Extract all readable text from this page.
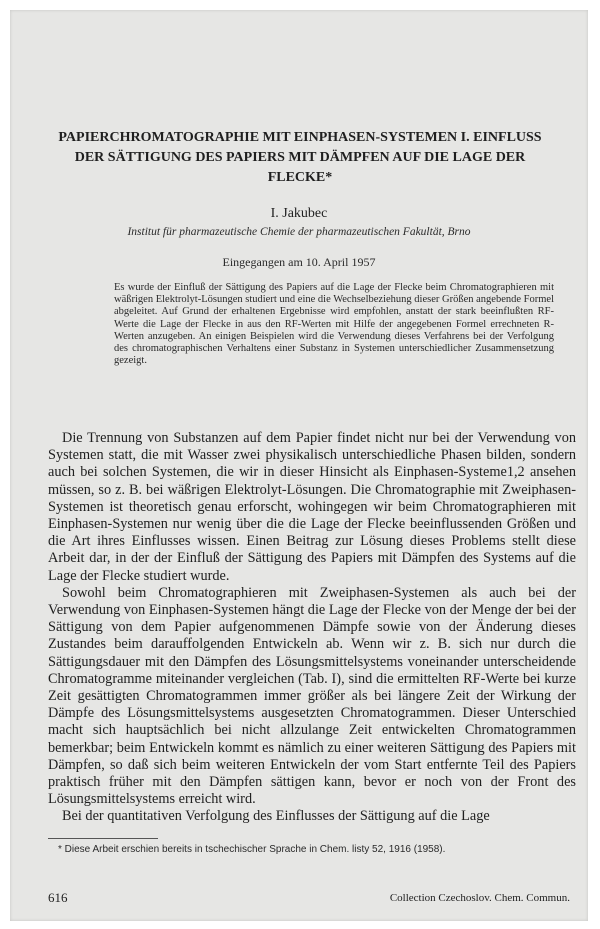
PAPIERCHROMATOGRAPHIE MIT EINPHASEN-SYSTEMEN I. EINFLUSS DER SÄTTIGUNG DES PAPIERS MIT DÄMPFEN AUF DIE LAGE DER FLECKE*
I. Jakubec
Institut für pharmazeutische Chemie der pharmazeutischen Fakultät, Brno
Eingegangen am 10. April 1957
Es wurde der Einfluß der Sättigung des Papiers auf die Lage der Flecke beim Chromatographieren mit wäßrigen Elektrolyt-Lösungen studiert und eine die Wechselbeziehung dieser Größen angebende Formel abgeleitet. Auf Grund der erhaltenen Ergebnisse wird empfohlen, anstatt der stark beeinflußten RF-Werte die Lage der Flecke in aus den RF-Werten mit Hilfe der angegebenen Formel errechneten R-Werten anzugeben. An einigen Beispielen wird die Verwendung dieses Verfahrens bei der Verfolgung des chromatographischen Verhaltens einer Substanz in Systemen unterschiedlicher Zusammensetzung gezeigt.

Die Trennung von Substanzen auf dem Papier findet nicht nur bei der Verwendung von Systemen statt, die mit Wasser zwei physikalisch unterschiedliche Phasen bilden, sondern auch bei solchen Systemen, die wir in dieser Hinsicht als Einphasen-Systeme1,2 ansehen müssen, so z. B. bei wäßrigen Elektrolyt-Lösungen. Die Chromatographie mit Zweiphasen-Systemen ist theoretisch genau erforscht, wohingegen wir beim Chromatographieren mit Einphasen-Systemen nur wenig über die die Lage der Flecke beeinflussenden Größen und die Art ihres Einflusses wissen. Einen Beitrag zur Lösung dieses Problems stellt diese Arbeit dar, in der der Einfluß der Sättigung des Papiers mit Dämpfen des Systems auf die Lage der Flecke studiert wurde.

Sowohl beim Chromatographieren mit Zweiphasen-Systemen als auch bei der Verwendung von Einphasen-Systemen hängt die Lage der Flecke von der Menge der bei der Sättigung von dem Papier aufgenommenen Dämpfe sowie von der Änderung dieses Zustandes beim darauffolgenden Entwickeln ab. Wenn wir z. B. sich nur durch die Sättigungsdauer mit den Dämpfen des Lösungsmittelsystems voneinander unterscheidende Chromatogramme miteinander vergleichen (Tab. I), sind die ermittelten RF-Werte bei kurze Zeit gesättigten Chromatogrammen immer größer als bei längere Zeit der Wirkung der Dämpfe des Lösungsmittelsystems ausgesetzten Chromatogrammen. Dieser Unterschied macht sich hauptsächlich bei nicht allzulange Zeit entwickelten Chromatogrammen bemerkbar; beim Entwickeln kommt es nämlich zu einer weiteren Sättigung des Papiers mit Dämpfen, so daß sich beim weiteren Entwickeln der vom Start entfernte Teil des Papiers praktisch früher mit den Dämpfen sättigen kann, bevor er noch von der Front des Lösungsmittelsystems erreicht wird.

Bei der quantitativen Verfolgung des Einflusses der Sättigung auf die Lage

* Diese Arbeit erschien bereits in tschechischer Sprache in Chem. listy 52, 1916 (1958).
616	Collection Czechoslov. Chem. Commun.
